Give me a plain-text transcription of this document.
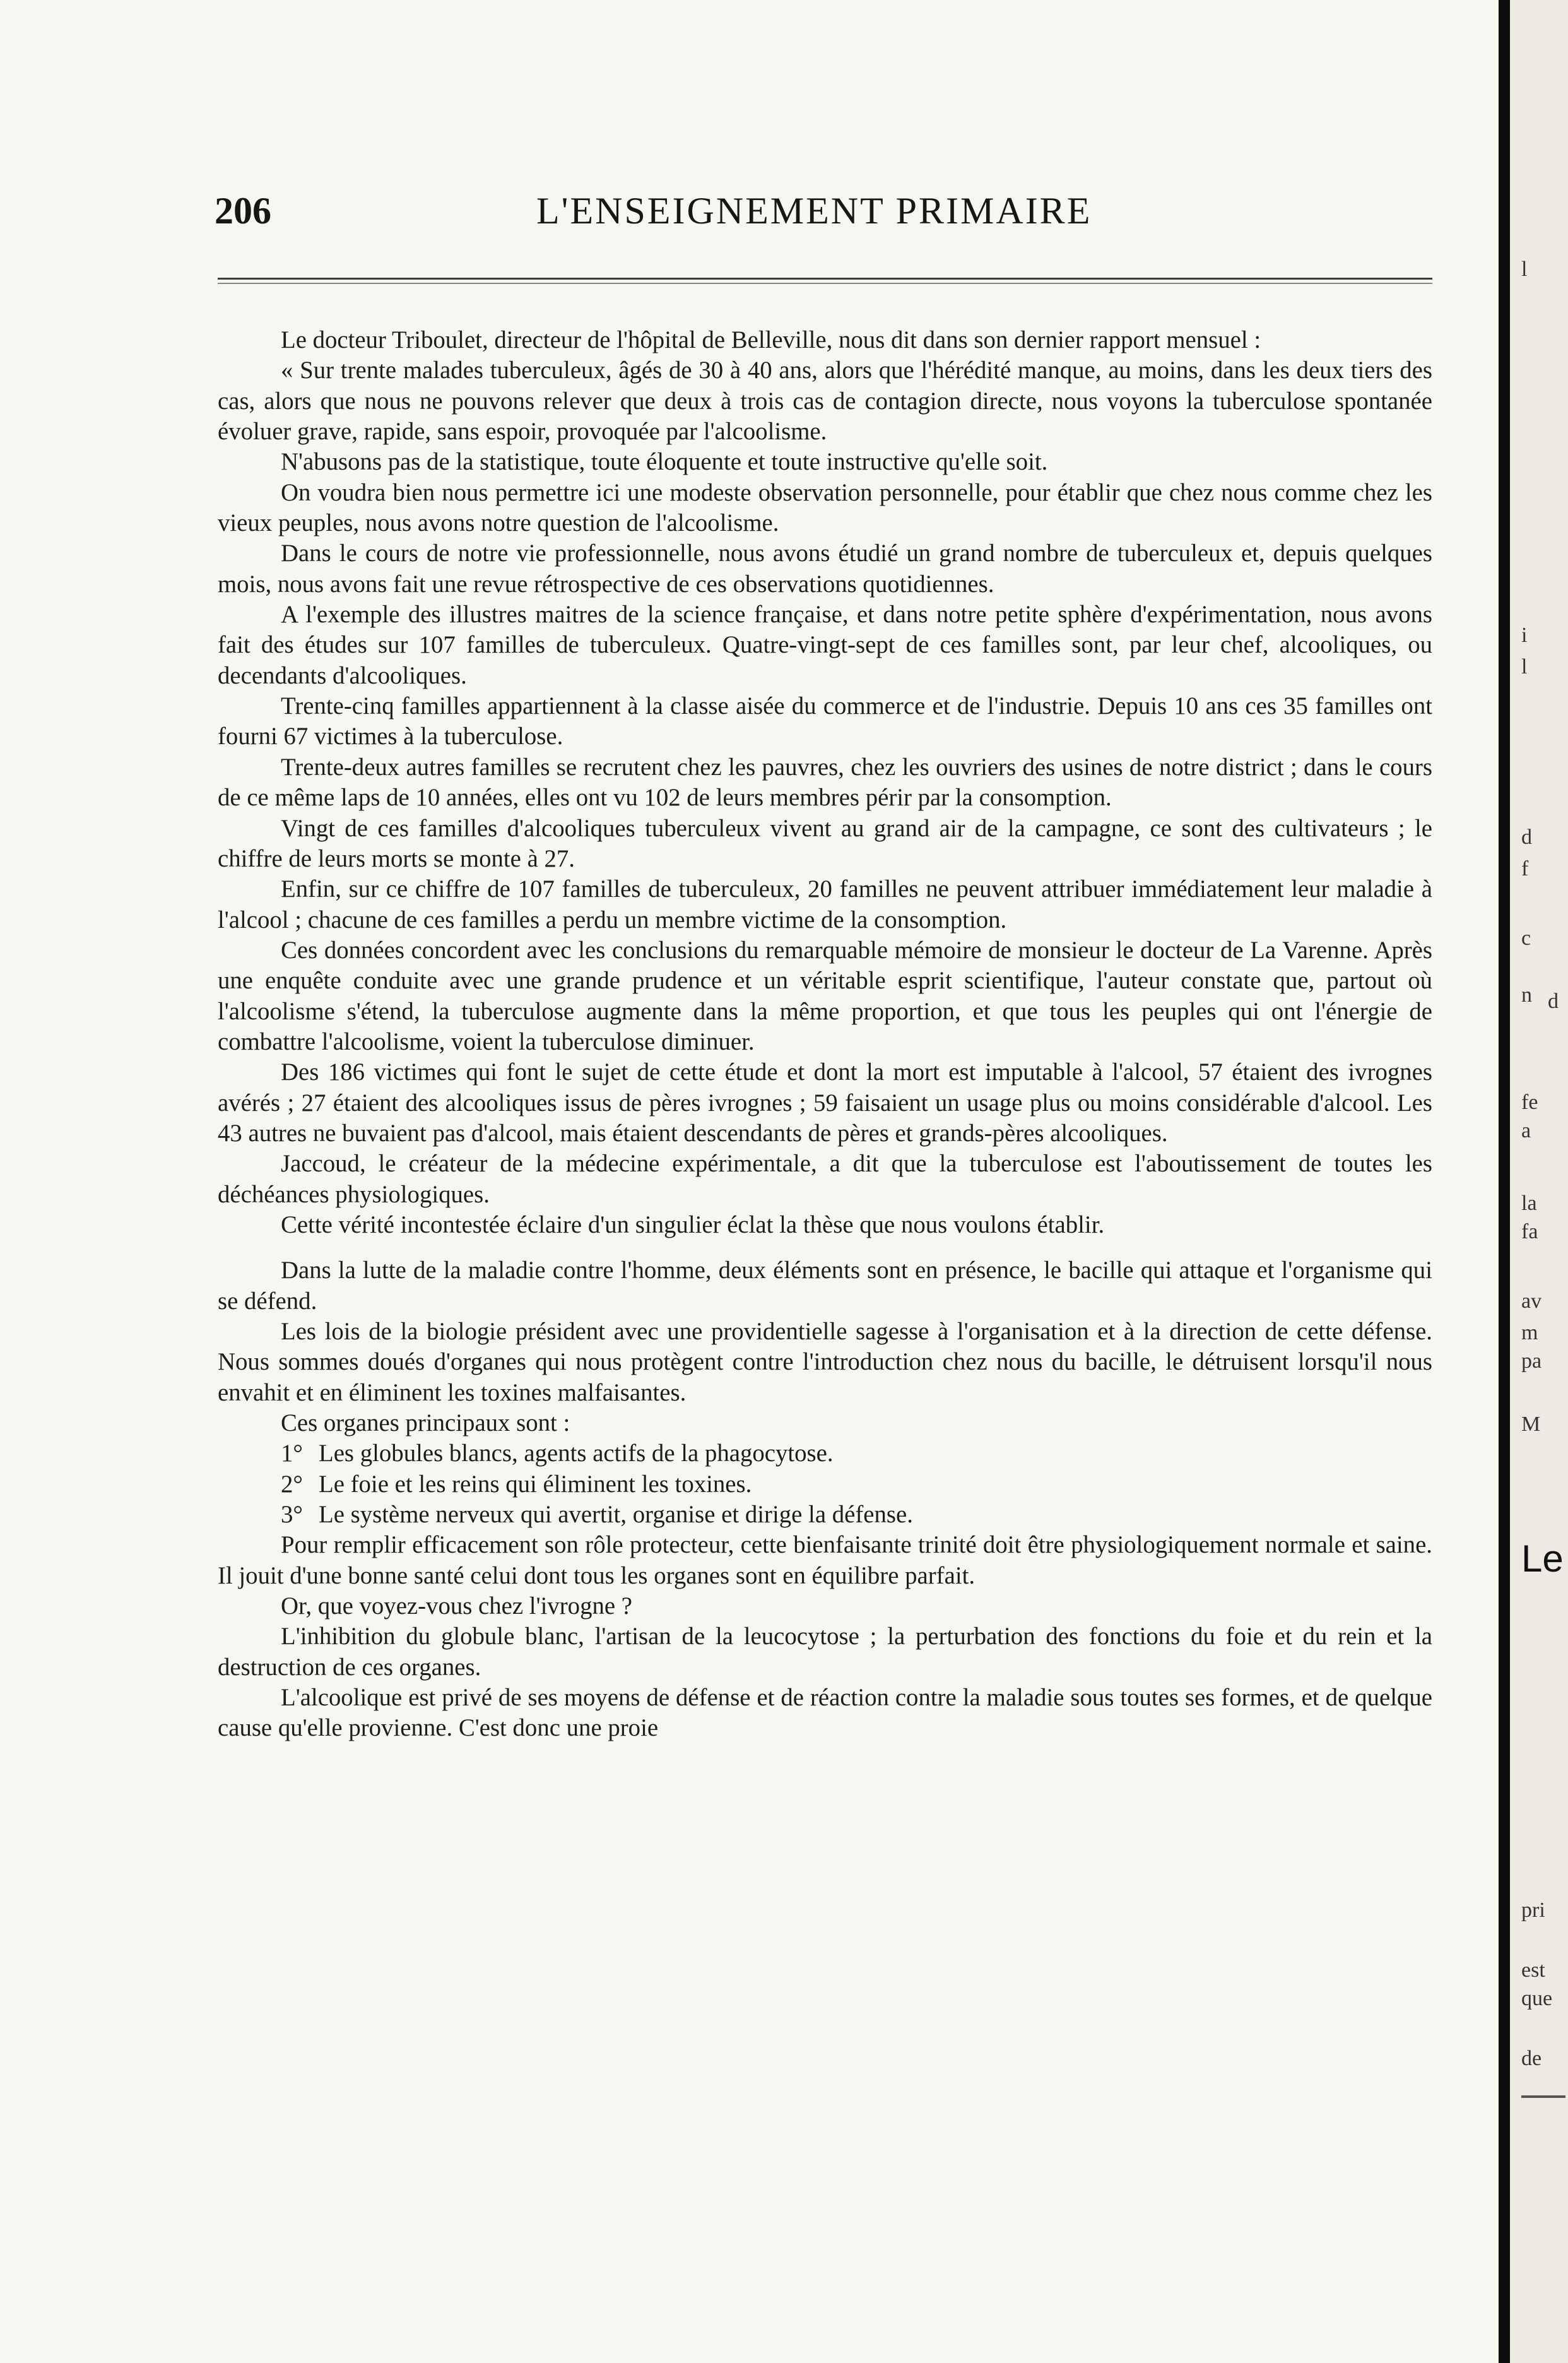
206	L'ENSEIGNEMENT PRIMAIRE

Le docteur Triboulet, directeur de l'hôpital de Belleville, nous dit dans son dernier rapport mensuel :

« Sur trente malades tuberculeux, âgés de 30 à 40 ans, alors que l'hérédité manque, au moins, dans les deux tiers des cas, alors que nous ne pouvons relever que deux à trois cas de contagion directe, nous voyons la tuberculose spontanée évoluer grave, rapide, sans espoir, provoquée par l'alcoolisme.

N'abusons pas de la statistique, toute éloquente et toute instructive qu'elle soit.

On voudra bien nous permettre ici une modeste observation personnelle, pour établir que chez nous comme chez les vieux peuples, nous avons notre question de l'alcoolisme.

Dans le cours de notre vie professionnelle, nous avons étudié un grand nombre de tuberculeux et, depuis quelques mois, nous avons fait une revue rétrospective de ces observations quotidiennes.

A l'exemple des illustres maitres de la science française, et dans notre petite sphère d'expérimentation, nous avons fait des études sur 107 familles de tuberculeux. Quatre-vingt-sept de ces familles sont, par leur chef, alcooliques, ou decendants d'alcooliques.

Trente-cinq familles appartiennent à la classe aisée du commerce et de l'industrie. Depuis 10 ans ces 35 familles ont fourni 67 victimes à la tuberculose.

Trente-deux autres familles se recrutent chez les pauvres, chez les ouvriers des usines de notre district ; dans le cours de ce même laps de 10 années, elles ont vu 102 de leurs membres périr par la consomption.

Vingt de ces familles d'alcooliques tuberculeux vivent au grand air de la campagne, ce sont des cultivateurs ; le chiffre de leurs morts se monte à 27.

Enfin, sur ce chiffre de 107 familles de tuberculeux, 20 familles ne peuvent attribuer immédiatement leur maladie à l'alcool ; chacune de ces familles a perdu un membre victime de la consomption.

Ces données concordent avec les conclusions du remarquable mémoire de monsieur le docteur de La Varenne. Après une enquête conduite avec une grande prudence et un véritable esprit scientifique, l'auteur constate que, partout où l'alcoolisme s'étend, la tuberculose augmente dans la même proportion, et que tous les peuples qui ont l'énergie de combattre l'alcoolisme, voient la tuberculose diminuer.

Des 186 victimes qui font le sujet de cette étude et dont la mort est imputable à l'alcool, 57 étaient des ivrognes avérés ; 27 étaient des alcooliques issus de pères ivrognes ; 59 faisaient un usage plus ou moins considérable d'alcool. Les 43 autres ne buvaient pas d'alcool, mais étaient descendants de pères et grands-pères alcooliques.

Jaccoud, le créateur de la médecine expérimentale, a dit que la tuberculose est l'aboutissement de toutes les déchéances physiologiques.

Cette vérité incontestée éclaire d'un singulier éclat la thèse que nous voulons établir.

Dans la lutte de la maladie contre l'homme, deux éléments sont en présence, le bacille qui attaque et l'organisme qui se défend.

Les lois de la biologie président avec une providentielle sagesse à l'organisation et à la direction de cette défense. Nous sommes doués d'organes qui nous protègent contre l'introduction chez nous du bacille, le détruisent lorsqu'il nous envahit et en éliminent les toxines malfaisantes.

Ces organes principaux sont :

1° Les globules blancs, agents actifs de la phagocytose.

2° Le foie et les reins qui éliminent les toxines.

3° Le système nerveux qui avertit, organise et dirige la défense.

Pour remplir efficacement son rôle protecteur, cette bienfaisante trinité doit être physiologiquement normale et saine. Il jouit d'une bonne santé celui dont tous les organes sont en équilibre parfait.

Or, que voyez-vous chez l'ivrogne ?

L'inhibition du globule blanc, l'artisan de la leucocytose ; la perturbation des fonctions du foie et du rein et la destruction de ces organes.

L'alcoolique est privé de ses moyens de défense et de réaction contre la maladie sous toutes ses formes, et de quelque cause qu'elle provienne. C'est donc une proie

l
i
l
d
f
c
n d
fe
a
la
fa
av
m
pa
M
Le
pri
est
que
de
